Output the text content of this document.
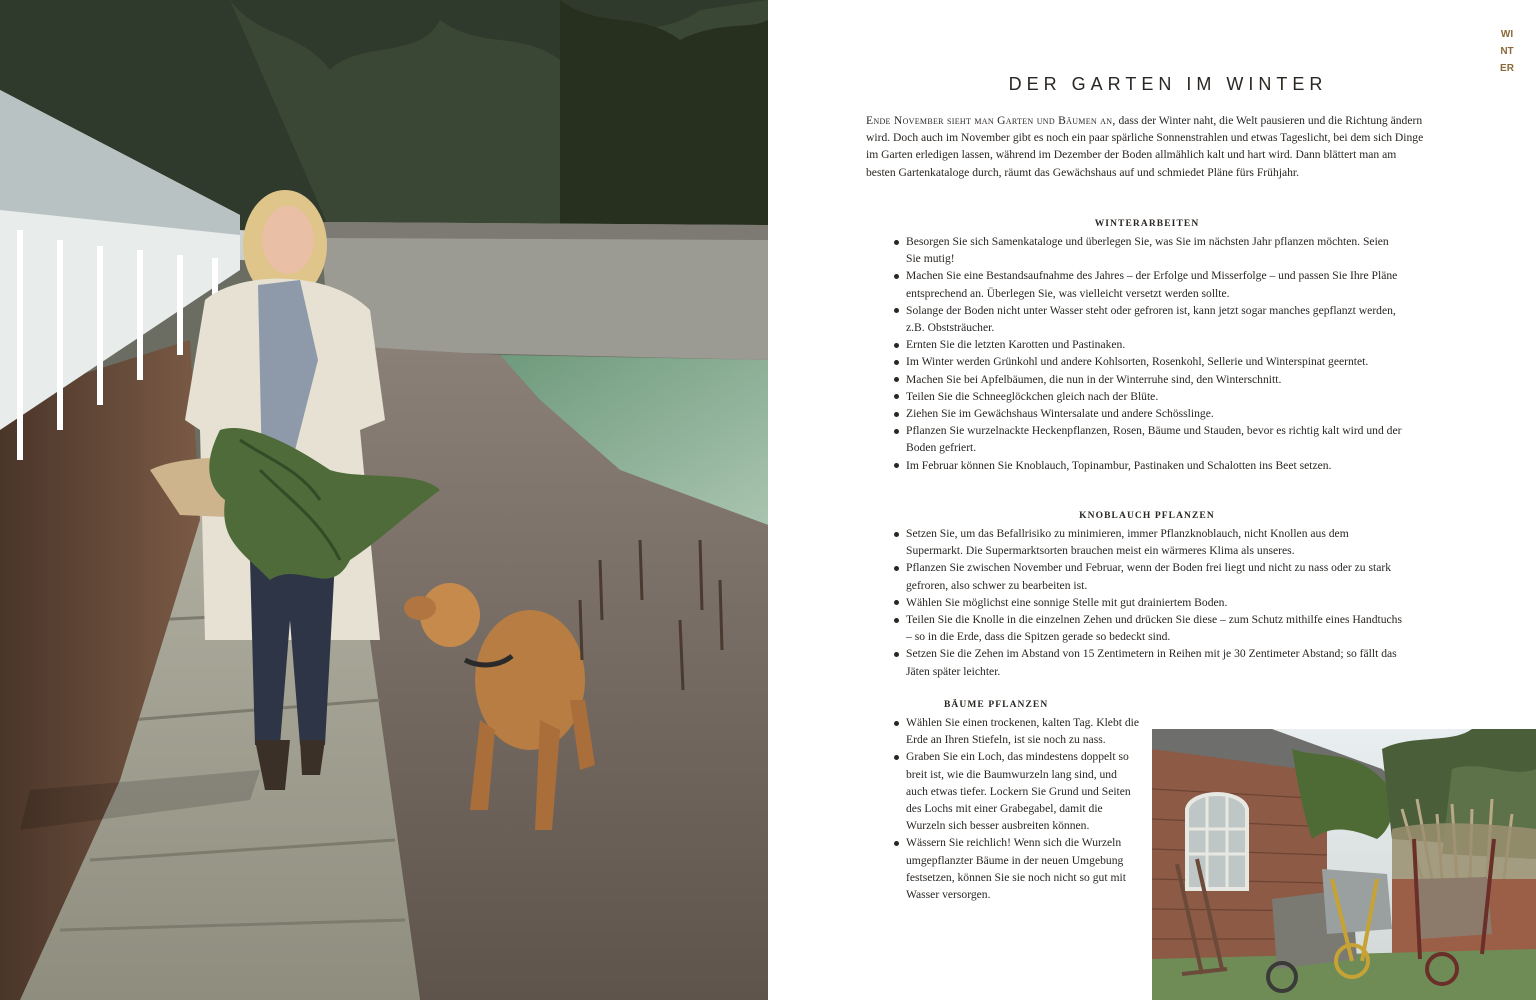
WINTER
DER GARTEN IM WINTER

Ende November sieht man Garten und Bäumen an, dass der Winter naht, die Welt pausieren und die Richtung ändern wird. Doch auch im November gibt es noch ein paar spärliche Sonnenstrahlen und etwas Tageslicht, bei dem sich Dinge im Garten erledigen lassen, während im Dezember der Boden allmählich kalt und hart wird. Dann blättert man am besten Gartenkataloge durch, räumt das Gewächshaus auf und schmiedet Pläne fürs Frühjahr.

WINTERARBEITEN
Besorgen Sie sich Samenkataloge und überlegen Sie, was Sie im nächsten Jahr pflanzen möchten. Seien Sie mutig!
Machen Sie eine Bestandsaufnahme des Jahres – der Erfolge und Misserfolge – und passen Sie Ihre Pläne entsprechend an. Überlegen Sie, was vielleicht versetzt werden sollte.
Solange der Boden nicht unter Wasser steht oder gefroren ist, kann jetzt sogar manches gepflanzt werden, z.B. Obststräucher.
Ernten Sie die letzten Karotten und Pastinaken.
Im Winter werden Grünkohl und andere Kohlsorten, Rosenkohl, Sellerie und Winterspinat geerntet.
Machen Sie bei Apfelbäumen, die nun in der Winterruhe sind, den Winterschnitt.
Teilen Sie die Schneeglöckchen gleich nach der Blüte.
Ziehen Sie im Gewächshaus Wintersalate und andere Schösslinge.
Pflanzen Sie wurzelnackte Heckenpflanzen, Rosen, Bäume und Stauden, bevor es richtig kalt wird und der Boden gefriert.
Im Februar können Sie Knoblauch, Topinambur, Pastinaken und Schalotten ins Beet setzen.
KNOBLAUCH PFLANZEN
Setzen Sie, um das Befallrisiko zu minimieren, immer Pflanzknoblauch, nicht Knollen aus dem Supermarkt. Die Supermarktsorten brauchen meist ein wärmeres Klima als unseres.
Pflanzen Sie zwischen November und Februar, wenn der Boden frei liegt und nicht zu nass oder zu stark gefroren, also schwer zu bearbeiten ist.
Wählen Sie möglichst eine sonnige Stelle mit gut drainiertem Boden.
Teilen Sie die Knolle in die einzelnen Zehen und drücken Sie diese – zum Schutz mithilfe eines Handtuchs – so in die Erde, dass die Spitzen gerade so bedeckt sind.
Setzen Sie die Zehen im Abstand von 15 Zentimetern in Reihen mit je 30 Zentimeter Abstand; so fällt das Jäten später leichter.
BÄUME PFLANZEN
Wählen Sie einen trockenen, kalten Tag. Klebt die Erde an Ihren Stiefeln, ist sie noch zu nass.
Graben Sie ein Loch, das mindestens doppelt so breit ist, wie die Baumwurzeln lang sind, und auch etwas tiefer. Lockern Sie Grund und Seiten des Lochs mit einer Grabegabel, damit die Wurzeln sich besser ausbreiten können.
Wässern Sie reichlich! Wenn sich die Wurzeln umgepflanzter Bäume in der neuen Umgebung festsetzen, können Sie sie noch nicht so gut mit Wasser versorgen.
